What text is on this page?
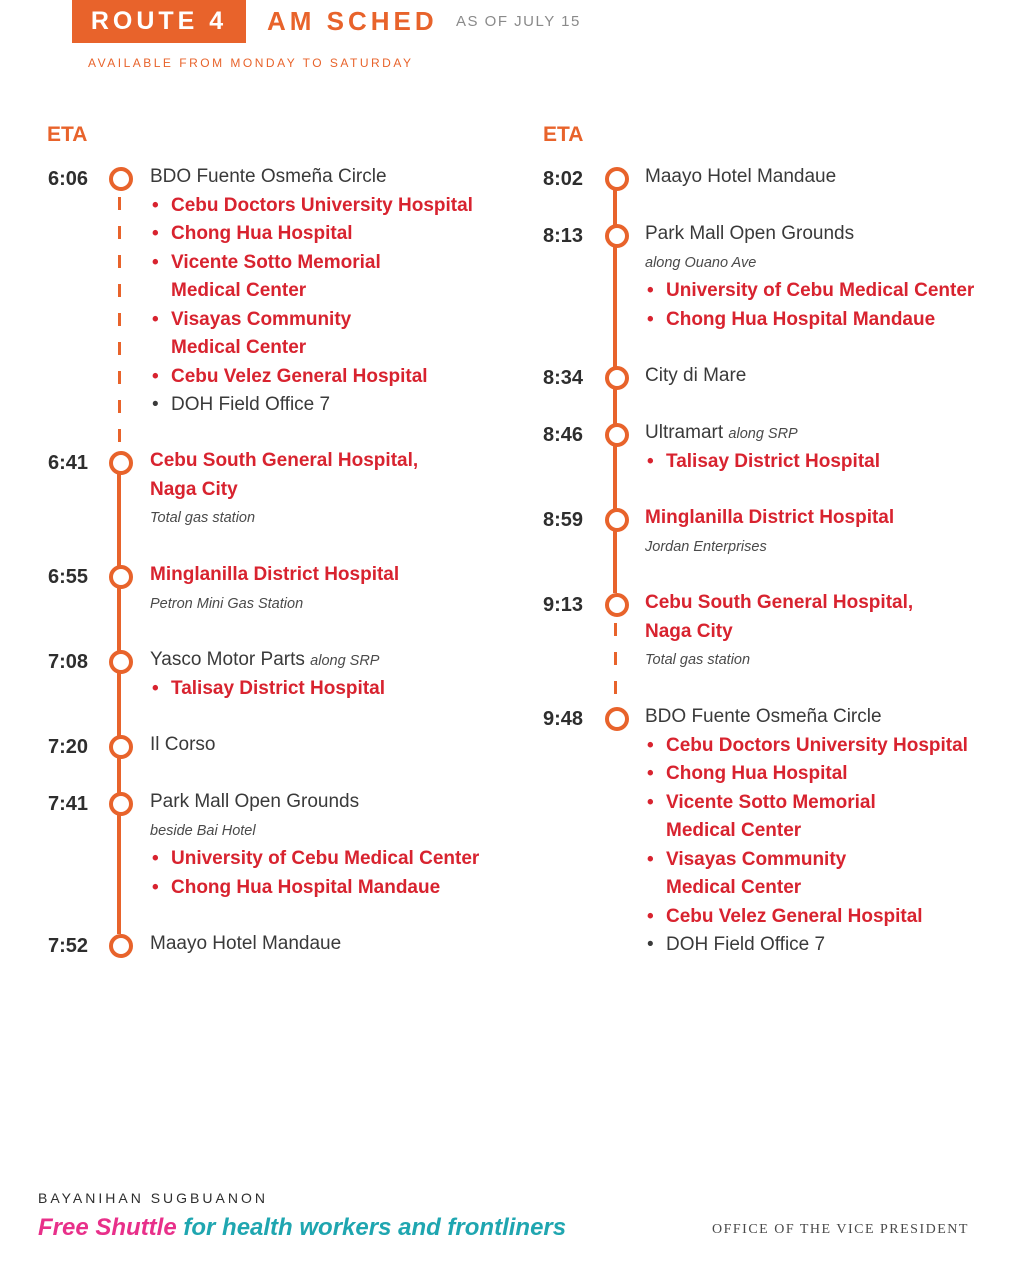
ROUTE 4	AM SCHED AS OF JULY 15
AVAILABLE FROM MONDAY TO SATURDAY
ETA	ETA
6:06	BDO Fuente Osmeña Circle
• Cebu Doctors University Hospital
• Chong Hua Hospital
• Vicente Sotto Memorial
Medical Center
• Visayas Community
Medical Center
• Cebu Velez General Hospital
• DOH Field Office 7
6:41	Cebu South General Hospital,
Naga City
Total gas station
6:55	Minglanilla District Hospital
Petron Mini Gas Station
7:08	Yasco Motor Parts along SRP
• Talisay District Hospital
7:20	Il Corso
7:41	Park Mall Open Grounds
beside Bai Hotel
• University of Cebu Medical Center
• Chong Hua Hospital Mandaue
7:52	Maayo Hotel Mandaue
8:02	Maayo Hotel Mandaue
8:13	Park Mall Open Grounds
along Ouano Ave
• University of Cebu Medical Center
• Chong Hua Hospital Mandaue
8:34	City di Mare
8:46	Ultramart along SRP
• Talisay District Hospital
8:59	Minglanilla District Hospital
Jordan Enterprises
9:13	Cebu South General Hospital,
Naga City
Total gas station
9:48	BDO Fuente Osmeña Circle
• Cebu Doctors University Hospital
• Chong Hua Hospital
• Vicente Sotto Memorial
Medical Center
• Visayas Community
Medical Center
• Cebu Velez General Hospital
• DOH Field Office 7
BAYANIHAN SUGBUANON
Free Shuttle for health workers and frontliners	OFFICE OF THE VICE PRESIDENT
